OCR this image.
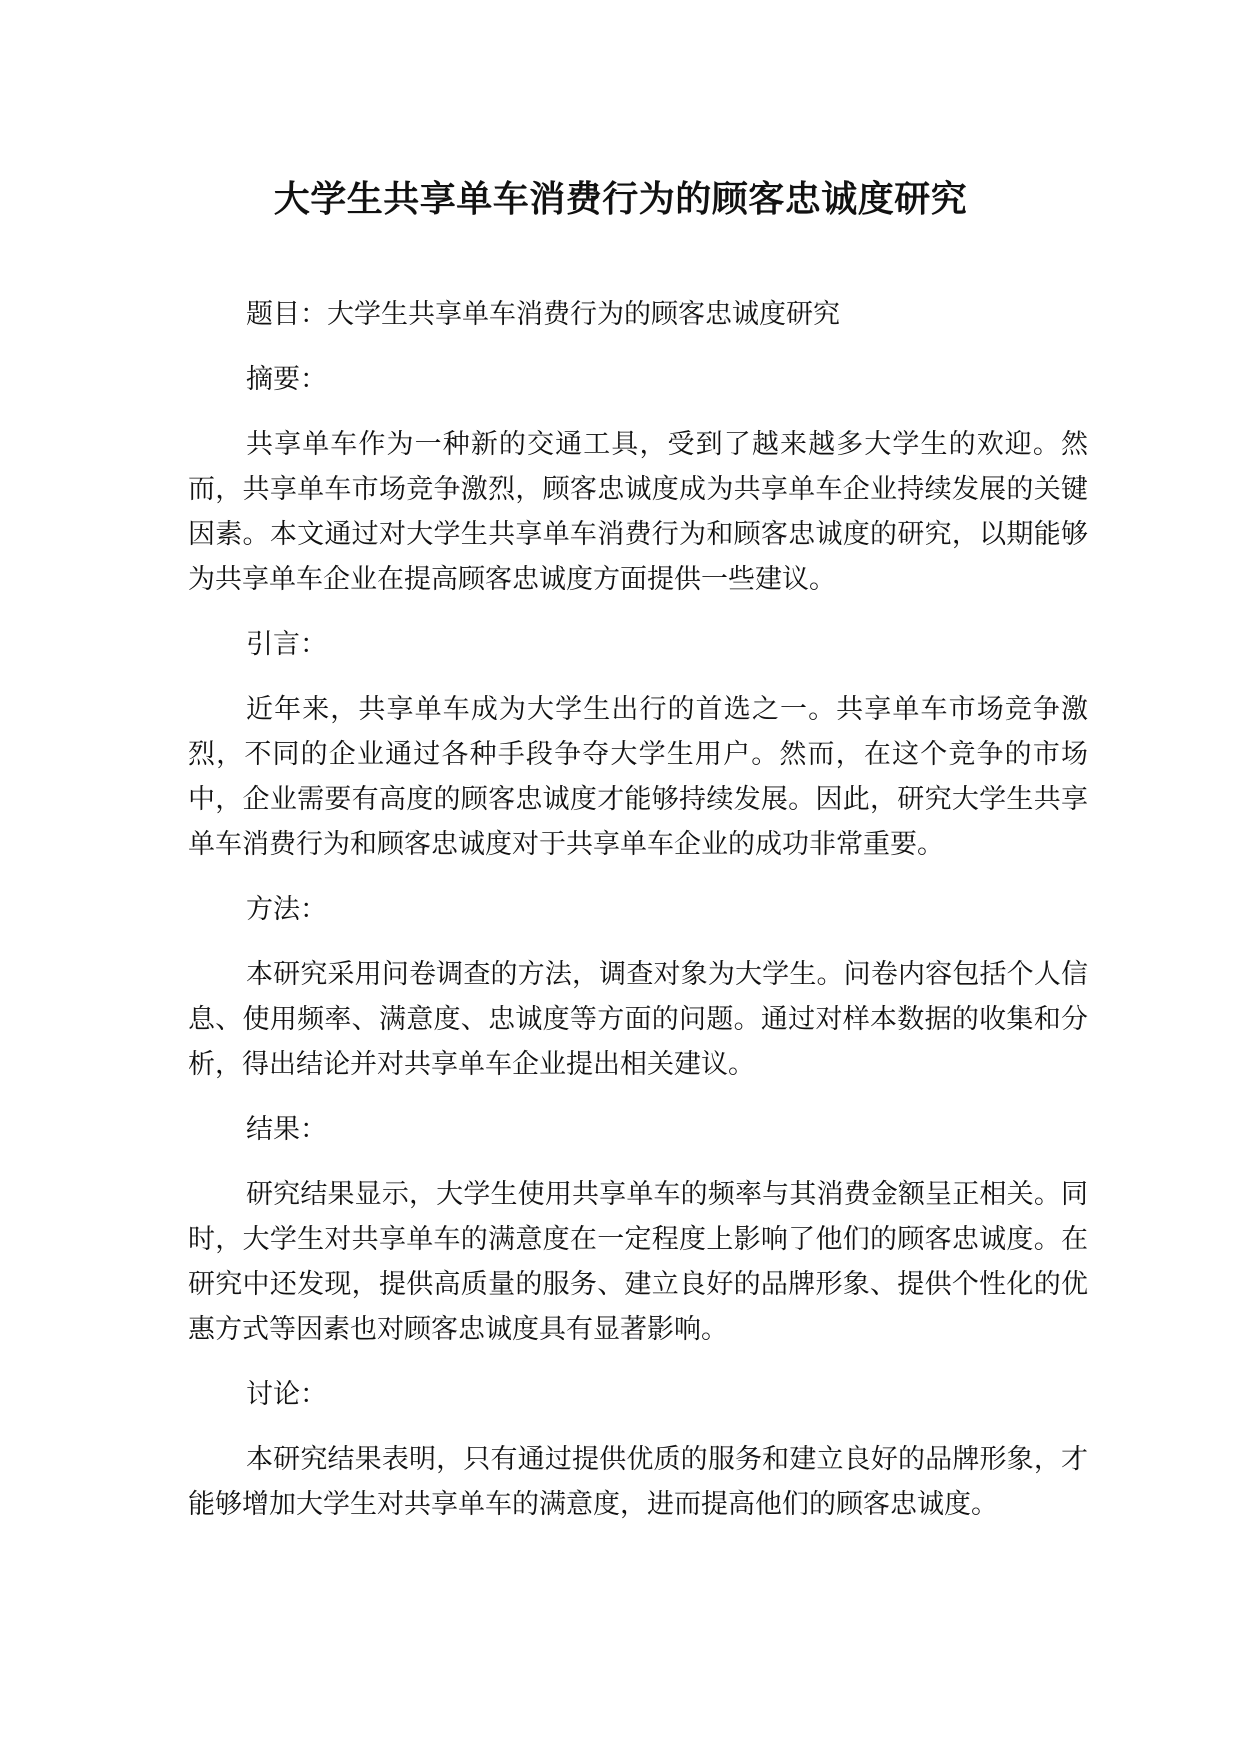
大学生共享单车消费行为的顾客忠诚度研究

题目：大学生共享单车消费行为的顾客忠诚度研究

摘要：

共享单车作为一种新的交通工具，受到了越来越多大学生的欢迎。然而，共享单车市场竞争激烈，顾客忠诚度成为共享单车企业持续发展的关键因素。本文通过对大学生共享单车消费行为和顾客忠诚度的研究，以期能够为共享单车企业在提高顾客忠诚度方面提供一些建议。

引言：

近年来，共享单车成为大学生出行的首选之一。共享单车市场竞争激烈，不同的企业通过各种手段争夺大学生用户。然而，在这个竞争的市场中，企业需要有高度的顾客忠诚度才能够持续发展。因此，研究大学生共享单车消费行为和顾客忠诚度对于共享单车企业的成功非常重要。

方法：

本研究采用问卷调查的方法，调查对象为大学生。问卷内容包括个人信息、使用频率、满意度、忠诚度等方面的问题。通过对样本数据的收集和分析，得出结论并对共享单车企业提出相关建议。

结果：

研究结果显示，大学生使用共享单车的频率与其消费金额呈正相关。同时，大学生对共享单车的满意度在一定程度上影响了他们的顾客忠诚度。在研究中还发现，提供高质量的服务、建立良好的品牌形象、提供个性化的优惠方式等因素也对顾客忠诚度具有显著影响。

讨论：

本研究结果表明，只有通过提供优质的服务和建立良好的品牌形象，才能够增加大学生对共享单车的满意度，进而提高他们的顾客忠诚度。
